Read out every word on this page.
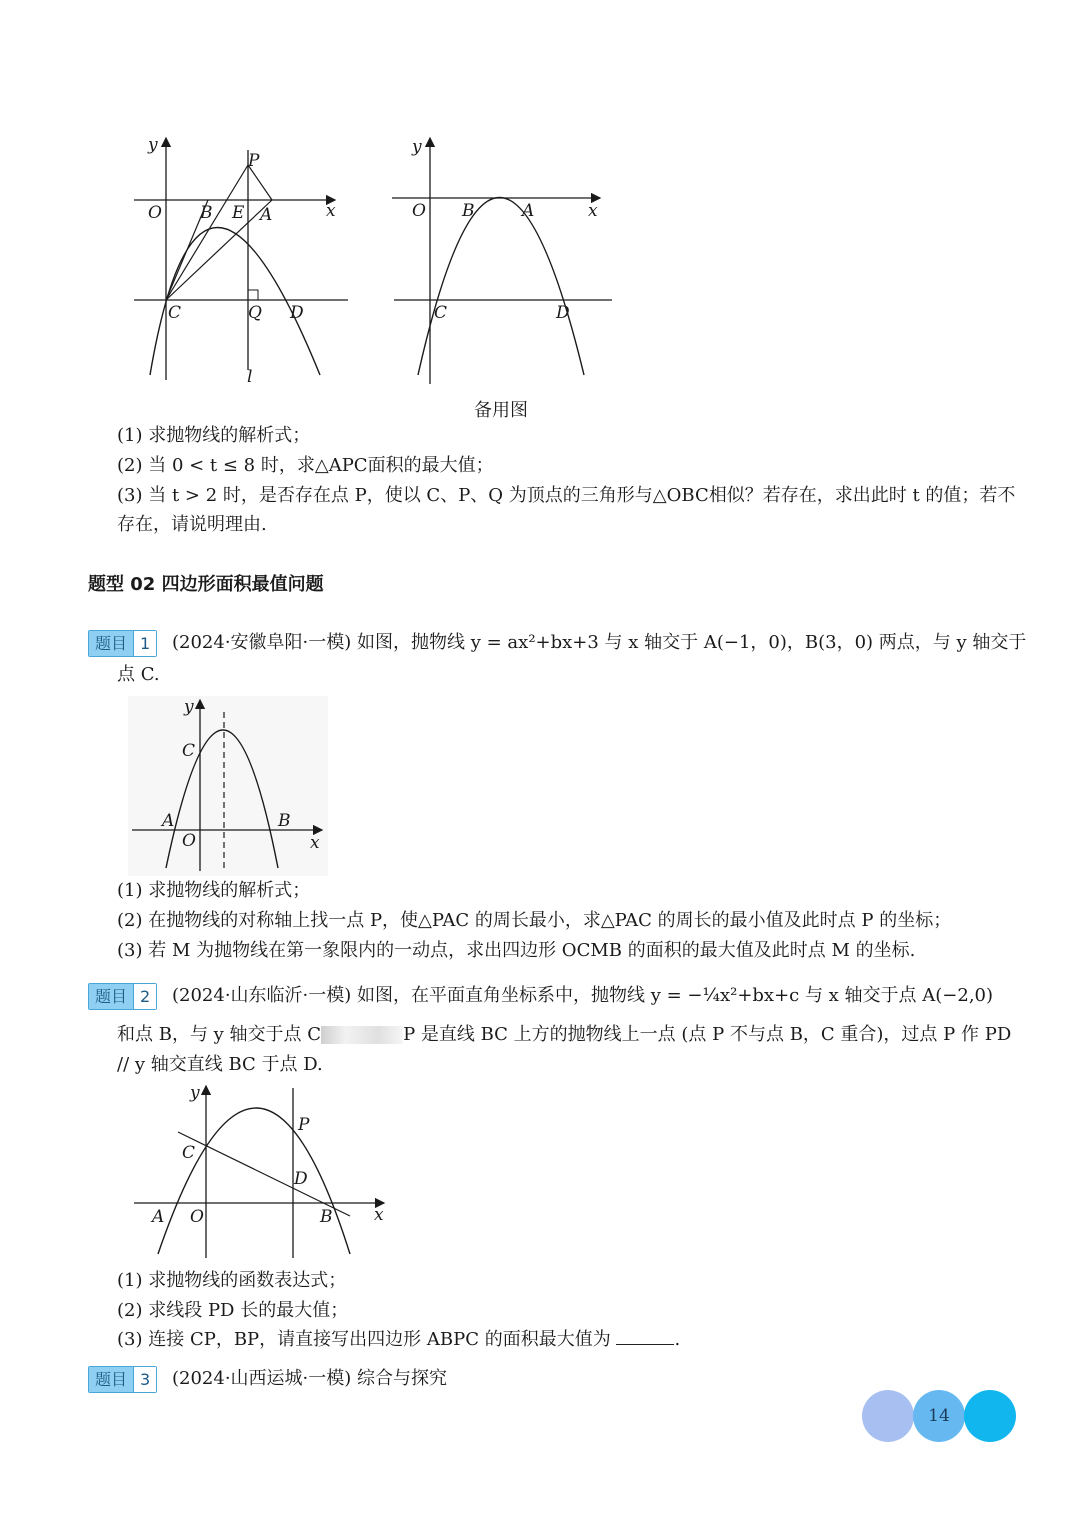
y
x
O B E A
P
C	Q D
l
y
x
O B	A
C	D
备用图
(1) 求抛物线的解析式；
(2) 当 0 < t ≤ 8 时，求△APC面积的最大值；
(3) 当 t > 2 时，是否存在点 P，使以 C、P、Q 为顶点的三角形与△OBC相似？若存在，求出此时 t 的值；若不
存在，请说明理由.
题型 02 四边形面积最值问题
题目 1	(2024·安徽阜阳·一模) 如图，抛物线 y = ax²+bx+3 与 x 轴交于 A(−1，0)，B(3，0) 两点，与 y 轴交于
点 C.
y
x
C
A	B
O
(1) 求抛物线的解析式；
(2) 在抛物线的对称轴上找一点 P，使△PAC 的周长最小，求△PAC 的周长的最小值及此时点 P 的坐标；
(3) 若 M 为抛物线在第一象限内的一动点，求出四边形 OCMB 的面积的最大值及此时点 M 的坐标.
题目 2	(2024·山东临沂·一模) 如图，在平面直角坐标系中，抛物线 y = −¹⁄₄x²+bx+c 与 x 轴交于点 A(−2,0)
和点 B，与 y 轴交于点 C	P 是直线 BC 上方的抛物线上一点 (点 P 不与点 B，C 重合)，过点 P 作 PD
// y 轴交直线 BC 于点 D.
y
x
C
P
D
A O	B
(1) 求抛物线的函数表达式；
(2) 求线段 PD 长的最大值；
(3) 连接 CP，BP，请直接写出四边形 ABPC 的面积最大值为	.
题目 3	(2024·山西运城·一模) 综合与探究
14
